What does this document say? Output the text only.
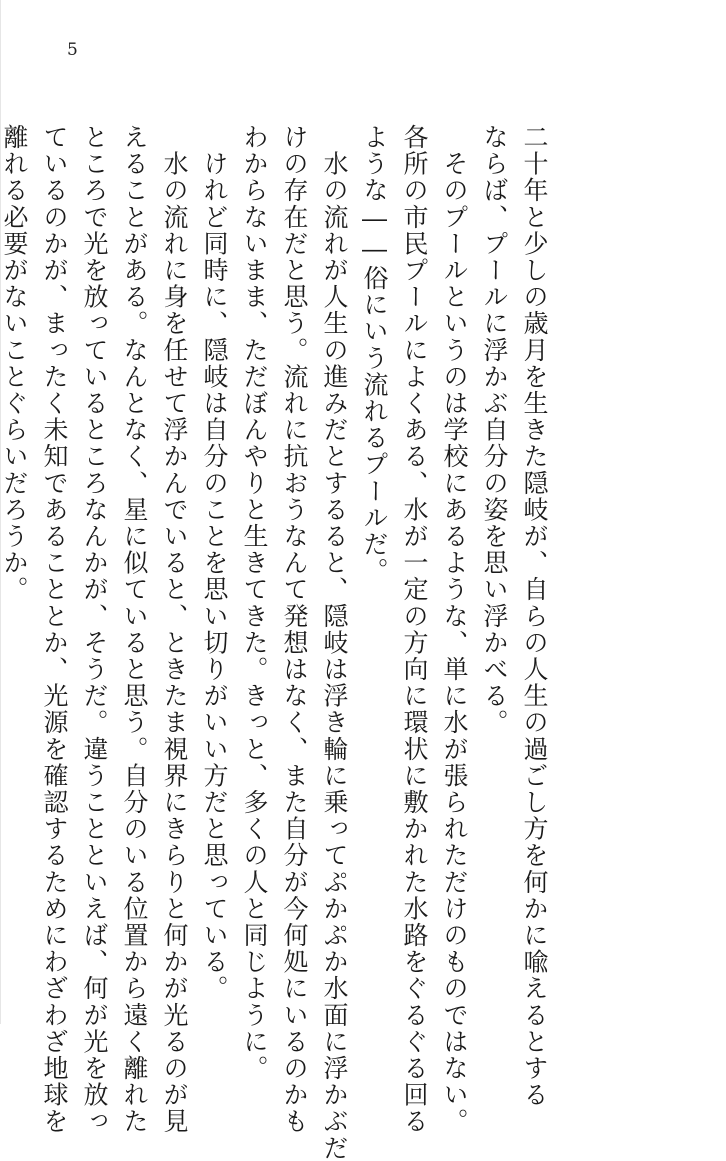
5

二十年と少しの歳月を生きた隠岐が、自らの人生の過ごし方を何かに喩えるとする
ならば、プールに浮かぶ自分の姿を思い浮かべる。

　そのプールというのは学校にあるような、単に水が張られただけのものではない。
各所の市民プールによくある、水が一定の方向に環状に敷かれた水路をぐるぐる回る
ような――俗にいう流れるプールだ。

　水の流れが人生の進みだとするると、隠岐は浮き輪に乗ってぷかぷか水面に浮かぶだ
けの存在だと思う。流れに抗おうなんて発想はなく、また自分が今何処にいるのかも
わからないまま、ただぼんやりと生きてきた。きっと、多くの人と同じように。

　けれど同時に、隠岐は自分のことを思い切りがいい方だと思っている。

　水の流れに身を任せて浮かんでいると、ときたま視界にきらりと何かが光るのが見
えることがある。なんとなく、星に似ていると思う。自分のいる位置から遠く離れた
ところで光を放っているところなんかが、そうだ。違うことといえば、何が光を放っ
ているのかが、まったく未知であることとか、光源を確認するためにわざわざ地球を
離れる必要がないことぐらいだろうか。
